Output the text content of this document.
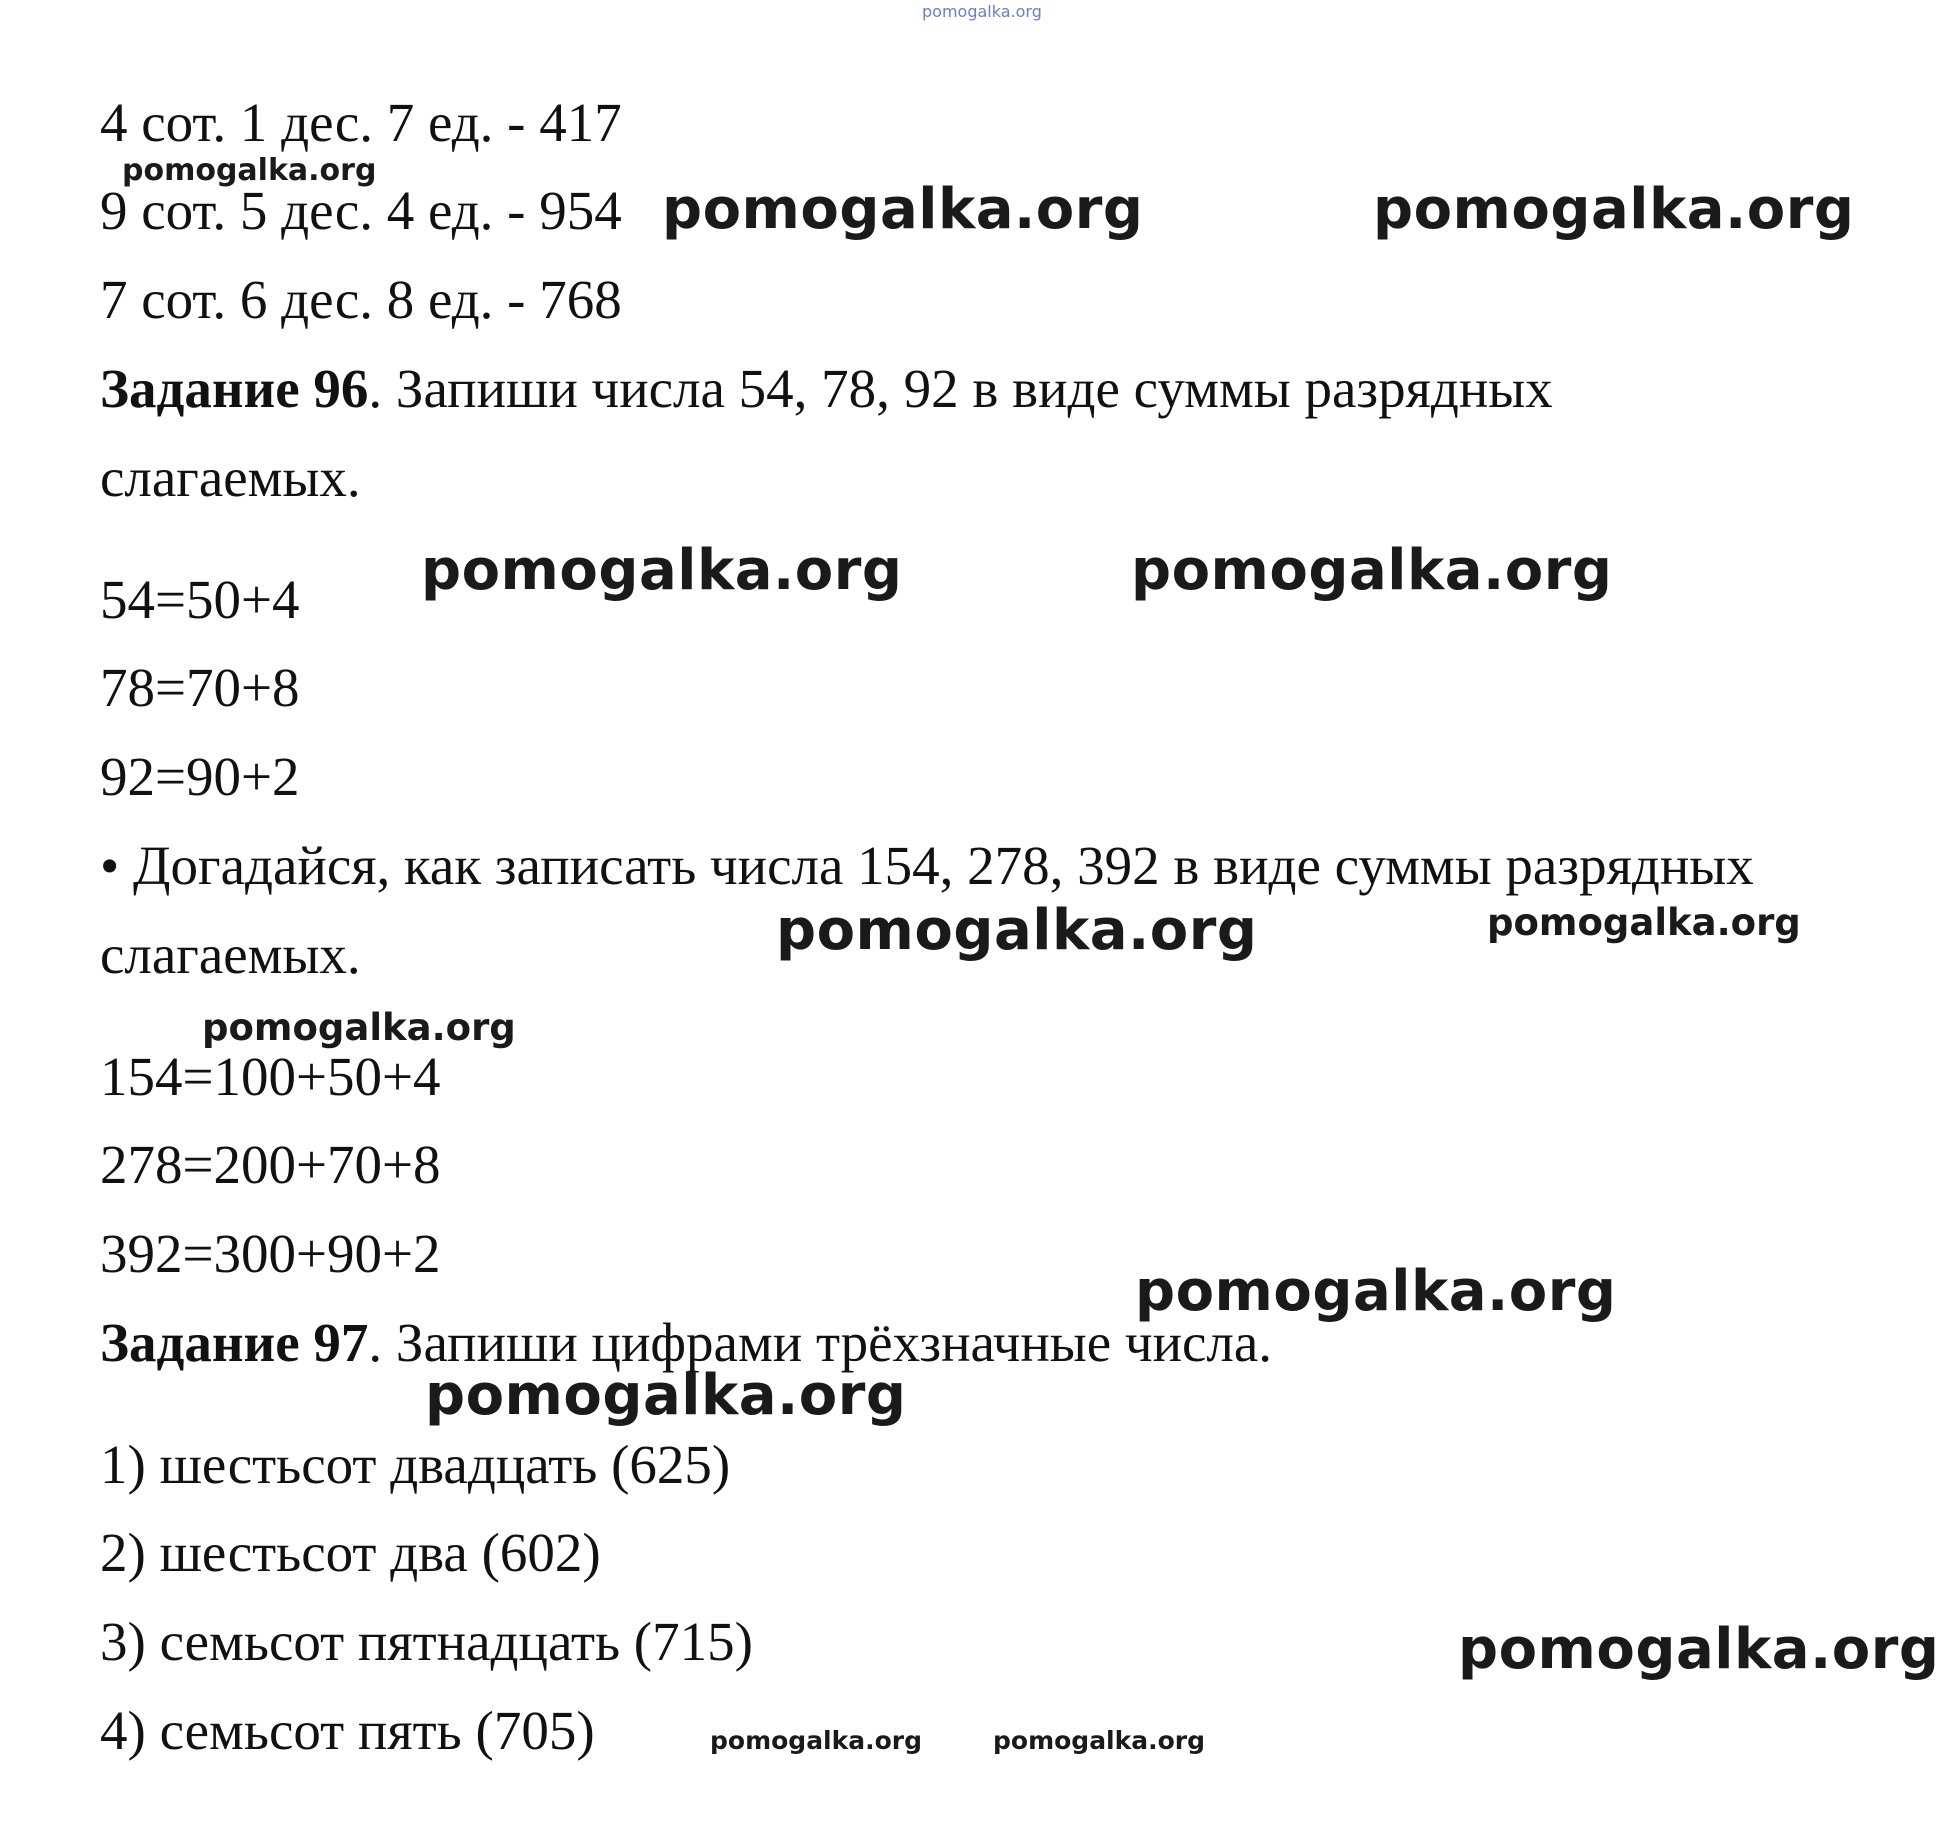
pomogalka.org
4 сот. 1 дес. 7 ед. - 417
pomogalka.org
9 сот. 5 дес. 4 ед. - 954 pomogalka.org	pomogalka.org
7 сот. 6 дес. 8 ед. - 768
Задание 96. Запиши числа 54, 78, 92 в виде суммы разрядных
слагаемых.
54=50+4 pomogalka.org	pomogalka.org
78=70+8
92=90+2
• Догадайся, как записать числа 154, 278, 392 в виде суммы разрядных
слагаемых.	pomogalka.org	pomogalka.org
pomogalka.org
154=100+50+4
278=200+70+8
392=300+90+2
Задание 97. Запиши цифрами трёхзначные числа.
pomogalka.org
pomogalka.org
1) шестьсот двадцать (625)
2) шестьсот два (602)
3) семьсот пятнадцать (715)	pomogalka.org
4) семьсот пять (705)	pomogalka.org	pomogalka.org
